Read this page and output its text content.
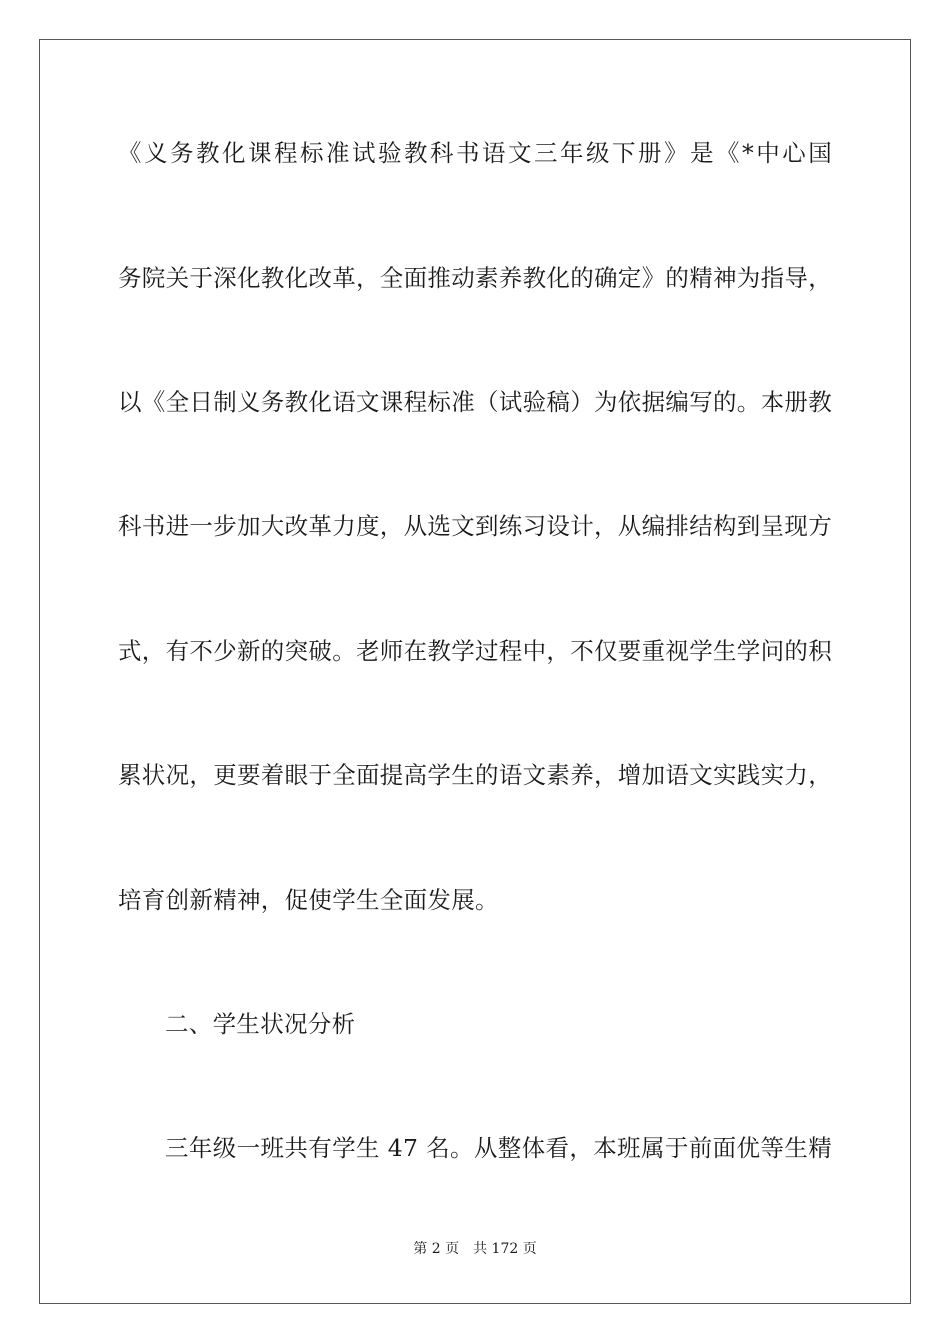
《义务教化课程标准试验教科书语文三年级下册》是《*中心国
务院关于深化教化改革，全面推动素养教化的确定》的精神为指导，
以《全日制义务教化语文课程标准（试验稿）为依据编写的。本册教
科书进一步加大改革力度，从选文到练习设计，从编排结构到呈现方
式，有不少新的突破。老师在教学过程中，不仅要重视学生学问的积
累状况，更要着眼于全面提高学生的语文素养，增加语文实践实力，
培育创新精神，促使学生全面发展。
二、学生状况分析
三年级一班共有学生 47 名。从整体看，本班属于前面优等生精
第 2 页 共 172 页
